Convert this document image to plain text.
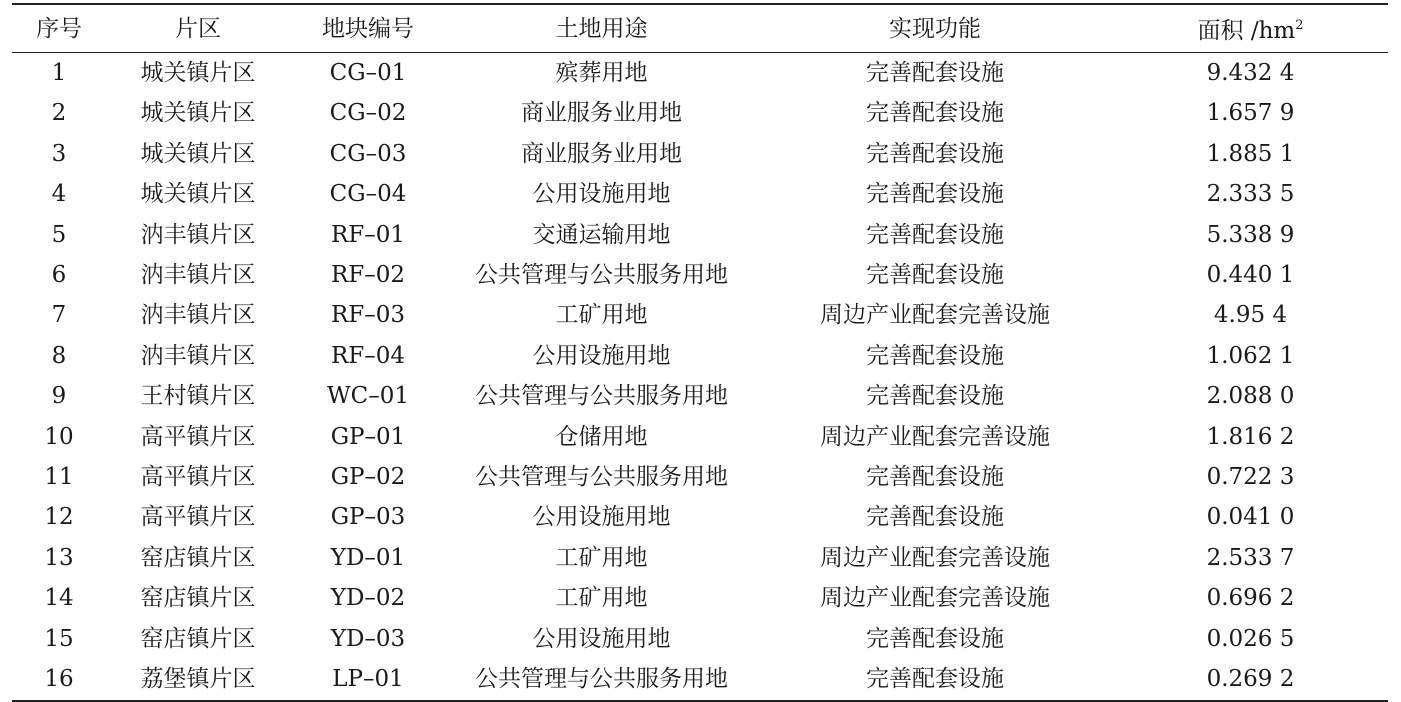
序号	片区	地块编号	土地用途	实现功能	面积 $/hm^2$
1	城关镇片区	CG–01	殡葬用地	完善配套设施	9.432 4
2	城关镇片区	CG–02	商业服务业用地	完善配套设施	1.657 9
3	城关镇片区	CG–03	商业服务业用地	完善配套设施	1.885 1
4	城关镇片区	CG–04	公用设施用地	完善配套设施	2.333 5
5	汭丰镇片区	RF–01	交通运输用地	完善配套设施	5.338 9
6	汭丰镇片区	RF–02	公共管理与公共服务用地	完善配套设施	0.440 1
7	汭丰镇片区	RF–03	工矿用地	周边产业配套完善设施	4.95 4
8	汭丰镇片区	RF–04	公用设施用地	完善配套设施	1.062 1
9	王村镇片区	WC–01	公共管理与公共服务用地	完善配套设施	2.088 0
10	高平镇片区	GP–01	仓储用地	周边产业配套完善设施	1.816 2
11	高平镇片区	GP–02	公共管理与公共服务用地	完善配套设施	0.722 3
12	高平镇片区	GP–03	公用设施用地	完善配套设施	0.041 0
13	窑店镇片区	YD–01	工矿用地	周边产业配套完善设施	2.533 7
14	窑店镇片区	YD–02	工矿用地	周边产业配套完善设施	0.696 2
15	窑店镇片区	YD–03	公用设施用地	完善配套设施	0.026 5
16	荔堡镇片区	LP–01	公共管理与公共服务用地	完善配套设施	0.269 2
